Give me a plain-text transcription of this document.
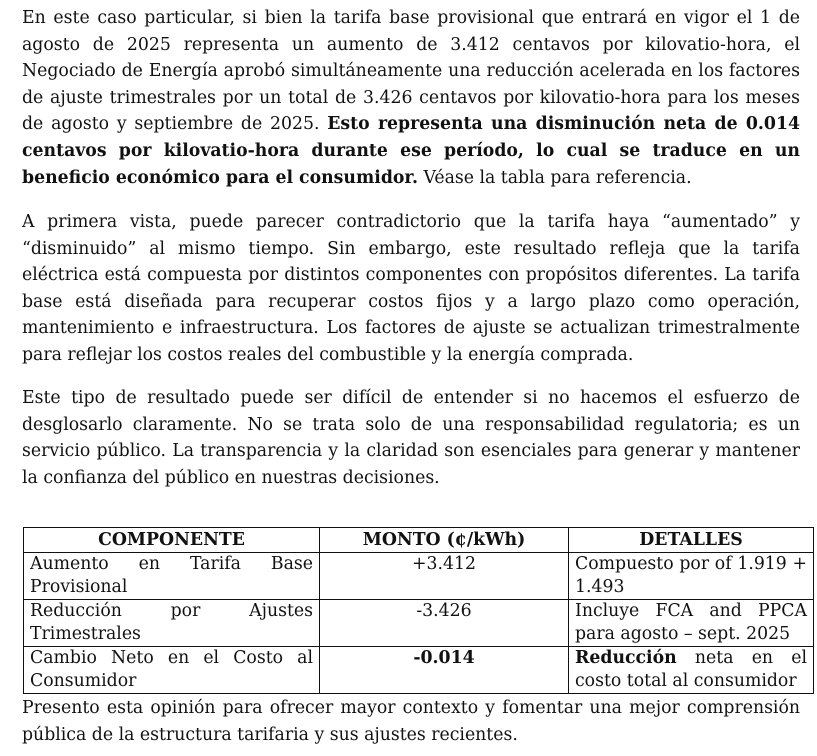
En este caso particular, si bien la tarifa base provisional que entrará en vigor el 1 de agosto de 2025 representa un aumento de 3.412 centavos por kilovatio-hora, el Negociado de Energía aprobó simultáneamente una reducción acelerada en los factores de ajuste trimestrales por un total de 3.426 centavos por kilovatio-hora para los meses de agosto y septiembre de 2025. Esto representa una disminución neta de 0.014 centavos por kilovatio-hora durante ese período, lo cual se traduce en un beneficio económico para el consumidor. Véase la tabla para referencia.

A primera vista, puede parecer contradictorio que la tarifa haya “aumentado” y “disminuido” al mismo tiempo. Sin embargo, este resultado refleja que la tarifa eléctrica está compuesta por distintos componentes con propósitos diferentes. La tarifa base está diseñada para recuperar costos fijos y a largo plazo como operación, mantenimiento e infraestructura. Los factores de ajuste se actualizan trimestralmente para reflejar los costos reales del combustible y la energía comprada.

Este tipo de resultado puede ser difícil de entender si no hacemos el esfuerzo de desglosarlo claramente. No se trata solo de una responsabilidad regulatoria; es un servicio público. La transparencia y la claridad son esenciales para generar y mantener la confianza del público en nuestras decisiones.

COMPONENTE	MONTO (¢/kWh)	DETALLES
Aumento en Tarifa Base Provisional	+3.412	Compuesto por of 1.919 + 1.493
Reducción por Ajustes Trimestrales	-3.426	Incluye FCA and PPCA para agosto – sept. 2025
Cambio Neto en el Costo al Consumidor	-0.014	Reducción neta en el costo total al consumidor

Presento esta opinión para ofrecer mayor contexto y fomentar una mejor comprensión pública de la estructura tarifaria y sus ajustes recientes.
